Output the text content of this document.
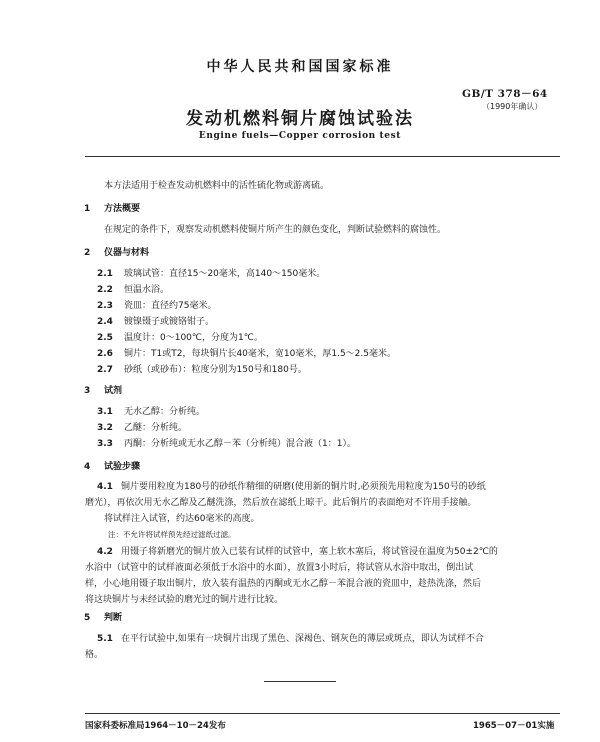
中华人民共和国国家标准
GB/T 378－64
（1990年确认）
发动机燃料铜片腐蚀试验法
Engine fuels—Copper corrosion test
本方法适用于检查发动机燃料中的活性硫化物或游离硫。
1 方法概要
在规定的条件下，观察发动机燃料使铜片所产生的颜色变化，判断试验燃料的腐蚀性。
2 仪器与材料
2.1 玻璃试管：直径15～20毫米，高140～150毫米。
2.2 恒温水浴。
2.3 瓷皿：直径约75毫米。
2.4 镀镍镊子或镀铬钳子。
2.5 温度计：0～100℃，分度为1℃。
2.6 铜片：T1或T2，每块铜片长40毫米，宽10毫米，厚1.5～2.5毫米。
2.7 砂纸（或砂布）：粒度分别为150号和180号。
3 试剂
3.1 无水乙醇：分析纯。
3.2 乙醚：分析纯。
3.3 丙酮：分析纯或无水乙醇－苯（分析纯）混合液（1：1）。
4 试验步骤
4.1 铜片要用粒度为180号的砂纸作精细的研磨(使用新的铜片时,必须预先用粒度为150号的砂纸
磨光），再依次用无水乙醇及乙醚洗涤，然后放在滤纸上晾干。此后铜片的表面绝对不许用手接触。
将试样注入试管，约达60毫米的高度。
注：不允许将试样预先经过滤纸过滤。
4.2 用镊子将新磨光的铜片放入已装有试样的试管中，塞上软木塞后，将试管浸在温度为50±2℃的
水浴中（试管中的试样液面必须低于水浴中的水面），放置3小时后，将试管从水浴中取出，倒出试
样，小心地用镊子取出铜片，放入装有温热的丙酮或无水乙醇－苯混合液的瓷皿中，趁热洗涤，然后
将这块铜片与未经试验的磨光过的铜片进行比较。
5 判断
5.1 在平行试验中,如果有一块铜片出现了黑色、深褐色、钢灰色的薄层或斑点，即认为试样不合
格。
国家科委标准局1964－10－24发布	1965－07－01实施
